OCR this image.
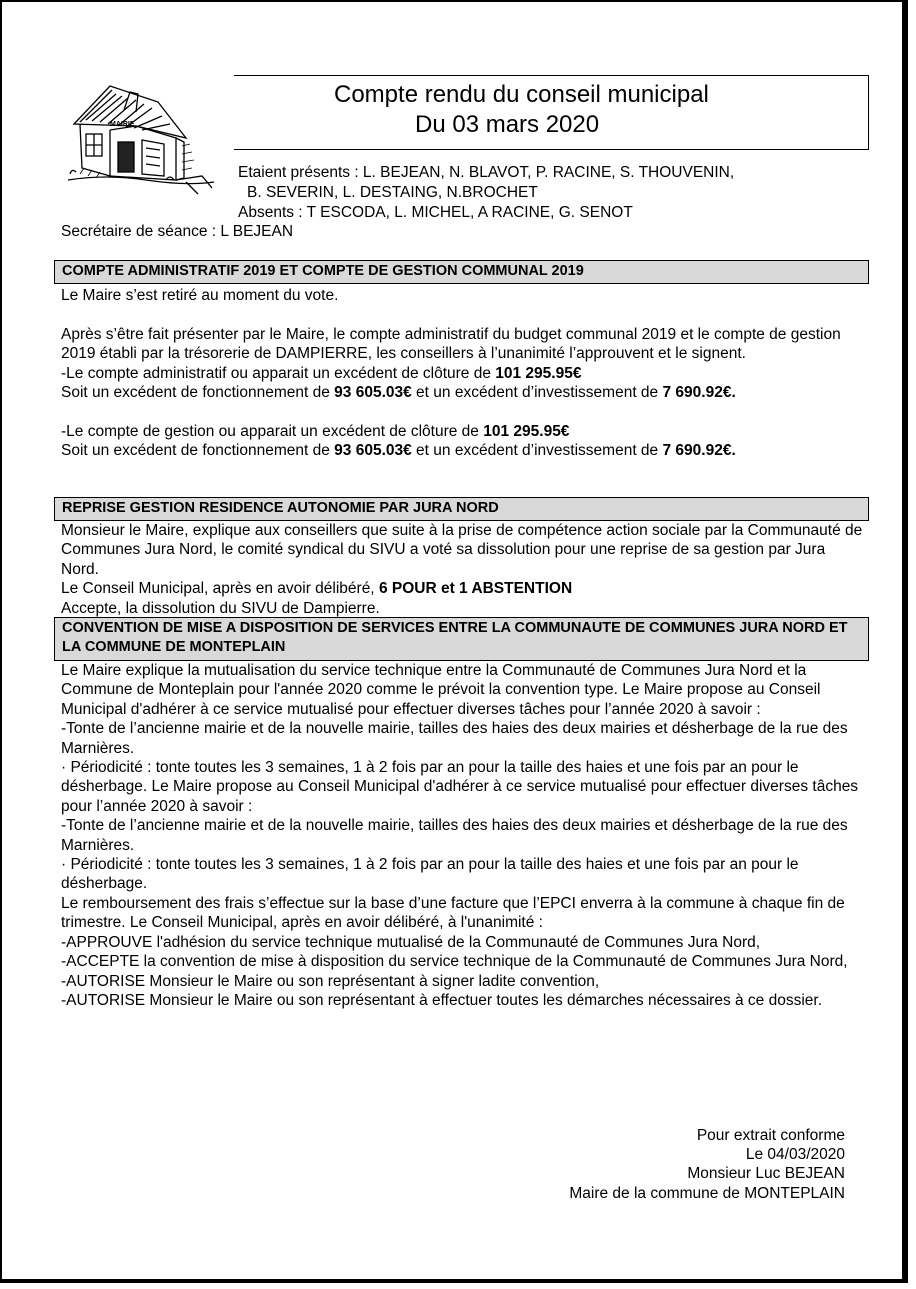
MAIRIE
Compte rendu du conseil municipal
Du 03 mars 2020
Etaient présents : L. BEJEAN, N. BLAVOT, P. RACINE, S. THOUVENIN,
B. SEVERIN, L. DESTAING, N.BROCHET
Absents : T ESCODA, L. MICHEL, A RACINE, G. SENOT
Secrétaire de séance : L BEJEAN
COMPTE ADMINISTRATIF 2019 ET COMPTE DE GESTION COMMUNAL 2019

Le Maire s’est retiré au moment du vote.

Après s’être fait présenter par le Maire, le compte administratif du budget communal 2019 et le compte de gestion 2019 établi par la trésorerie de DAMPIERRE, les conseillers à l’unanimité l’approuvent et le signent.

-Le compte administratif ou apparait un excédent de clôture de 101 295.95€

Soit un excédent de fonctionnement de 93 605.03€ et un excédent d’investissement de 7 690.92€.

-Le compte de gestion ou apparait un excédent de clôture de 101 295.95€

Soit un excédent de fonctionnement de 93 605.03€ et un excédent d’investissement de 7 690.92€.

REPRISE GESTION RESIDENCE AUTONOMIE PAR JURA NORD

Monsieur le Maire, explique aux conseillers que suite à la prise de compétence action sociale par la Communauté de Communes Jura Nord, le comité syndical du SIVU a voté sa dissolution pour une reprise de sa gestion par Jura Nord.

Le Conseil Municipal, après en avoir délibéré, 6 POUR et 1 ABSTENTION

Accepte, la dissolution du SIVU de Dampierre.

CONVENTION DE MISE A DISPOSITION DE SERVICES ENTRE LA COMMUNAUTE DE COMMUNES JURA NORD ET LA COMMUNE DE MONTEPLAIN

Le Maire explique la mutualisation du service technique entre la Communauté de Communes Jura Nord et la Commune de Monteplain pour l'année 2020 comme le prévoit la convention type. Le Maire propose au Conseil Municipal d'adhérer à ce service mutualisé pour effectuer diverses tâches pour l’année 2020 à savoir :

-Tonte de l’ancienne mairie et de la nouvelle mairie, tailles des haies des deux mairies et désherbage de la rue des Marnières.

· Périodicité : tonte toutes les 3 semaines, 1 à 2 fois par an pour la taille des haies et une fois par an pour le désherbage. Le Maire propose au Conseil Municipal d'adhérer à ce service mutualisé pour effectuer diverses tâches pour l’année 2020 à savoir :

-Tonte de l’ancienne mairie et de la nouvelle mairie, tailles des haies des deux mairies et désherbage de la rue des Marnières.

· Périodicité : tonte toutes les 3 semaines, 1 à 2 fois par an pour la taille des haies et une fois par an pour le désherbage.

Le remboursement des frais s’effectue sur la base d’une facture que l’EPCI enverra à la commune à chaque fin de trimestre. Le Conseil Municipal, après en avoir délibéré, à l'unanimité :

-APPROUVE l'adhésion du service technique mutualisé de la Communauté de Communes Jura Nord,

-ACCEPTE la convention de mise à disposition du service technique de la Communauté de Communes Jura Nord,

-AUTORISE Monsieur le Maire ou son représentant à signer ladite convention,

-AUTORISE Monsieur le Maire ou son représentant à effectuer toutes les démarches nécessaires à ce dossier.

Pour extrait conforme
Le 04/03/2020
Monsieur Luc BEJEAN
Maire de la commune de MONTEPLAIN
